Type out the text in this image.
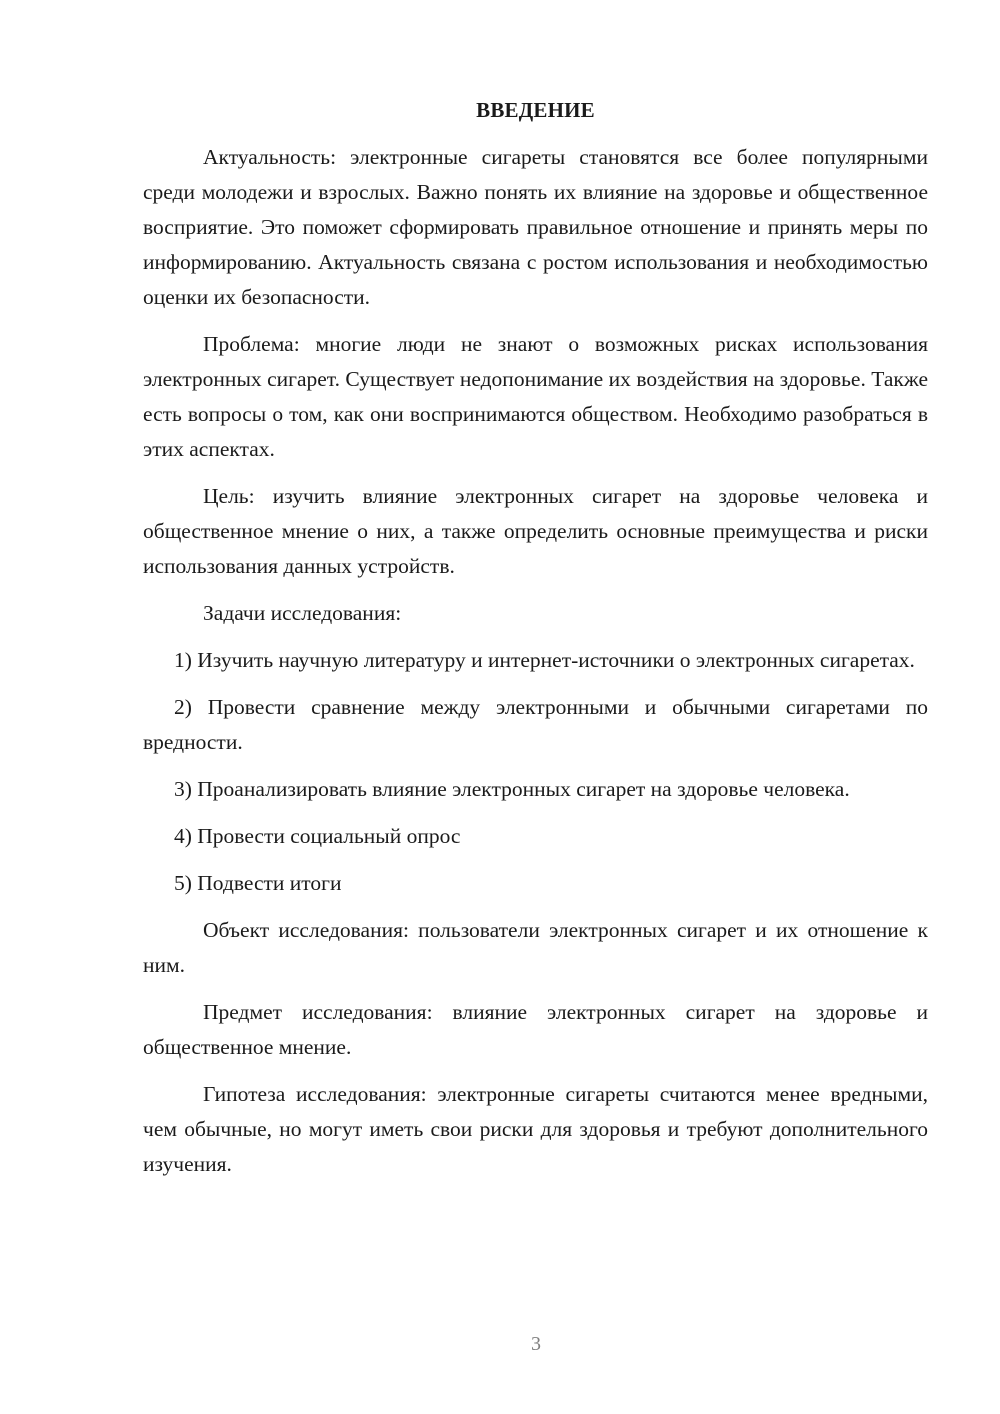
ВВЕДЕНИЕ

Актуальность: электронные сигареты становятся все более популярными среди молодежи и взрослых. Важно понять их влияние на здоровье и общественное восприятие. Это поможет сформировать правильное отношение и принять меры по информированию. Актуальность связана с ростом использования и необходимостью оценки их безопасности.

Проблема: многие люди не знают о возможных рисках использования электронных сигарет. Существует недопонимание их воздействия на здоровье. Также есть вопросы о том, как они воспринимаются обществом. Необходимо разобраться в этих аспектах.

Цель: изучить влияние электронных сигарет на здоровье человека и общественное мнение о них, а также определить основные преимущества и риски использования данных устройств.

Задачи исследования:

1) Изучить научную литературу и интернет-источники о электронных сигаретах.

2) Провести сравнение между электронными и обычными сигаретами по вредности.

3) Проанализировать влияние электронных сигарет на здоровье человека.

4) Провести социальный опрос

5) Подвести итоги

Объект исследования: пользователи электронных сигарет и их отношение к ним.

Предмет исследования: влияние электронных сигарет на здоровье и общественное мнение.

Гипотеза исследования: электронные сигареты считаются менее вредными, чем обычные, но могут иметь свои риски для здоровья и требуют дополнительного изучения.

3
